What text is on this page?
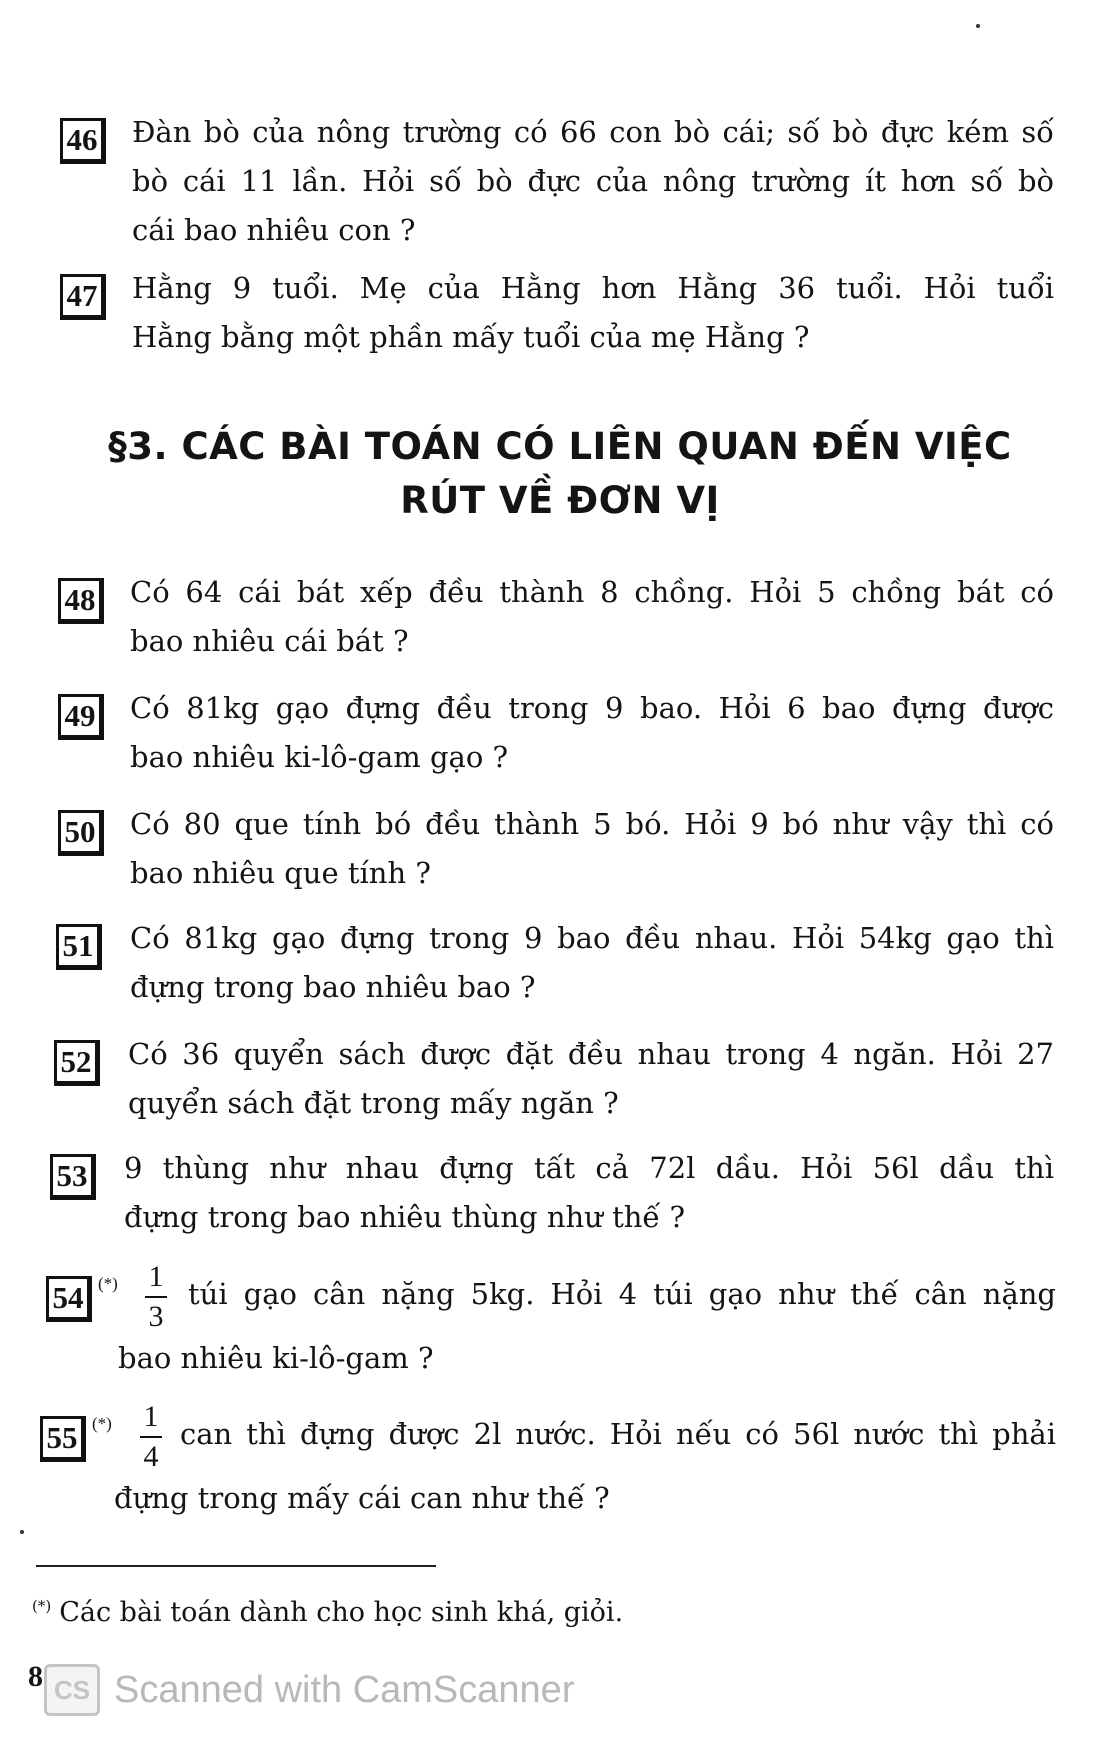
46 Đàn bò của nông trường có 66 con bò cái; số bò đực kém số
bò cái 11 lần. Hỏi số bò đực của nông trường ít hơn số bò
cái bao nhiêu con ?

47 Hằng 9 tuổi. Mẹ của Hằng hơn Hằng 36 tuổi. Hỏi tuổi
Hằng bằng một phần mấy tuổi của mẹ Hằng ?

§3. CÁC BÀI TOÁN CÓ LIÊN QUAN ĐẾN VIỆC
RÚT VỀ ĐƠN VỊ
48 Có 64 cái bát xếp đều thành 8 chồng. Hỏi 5 chồng bát có
bao nhiêu cái bát ?

49 Có 81kg gạo đựng đều trong 9 bao. Hỏi 6 bao đựng được
bao nhiêu ki-lô-gam gạo ?

50 Có 80 que tính bó đều thành 5 bó. Hỏi 9 bó như vậy thì có
bao nhiêu que tính ?

51 Có 81kg gạo đựng trong 9 bao đều nhau. Hỏi 54kg gạo thì
đựng trong bao nhiêu bao ?

52 Có 36 quyển sách được đặt đều nhau trong 4 ngăn. Hỏi 27
quyển sách đặt trong mấy ngăn ?

53 9 thùng như nhau đựng tất cả 72l dầu. Hỏi 56l dầu thì
đựng trong bao nhiêu thùng như thế ?

54 (*) 1
3

túi gạo cân nặng 5kg. Hỏi 4 túi gạo như thế cân nặng

bao nhiêu ki-lô-gam ?

55 (*) 1
4

can thì đựng được 2l nước. Hỏi nếu có 56l nước thì phải

đựng trong mấy cái can như thế ?

(*) Các bài toán dành cho học sinh khá, giỏi.
8 CS Scanned with CamScanner
